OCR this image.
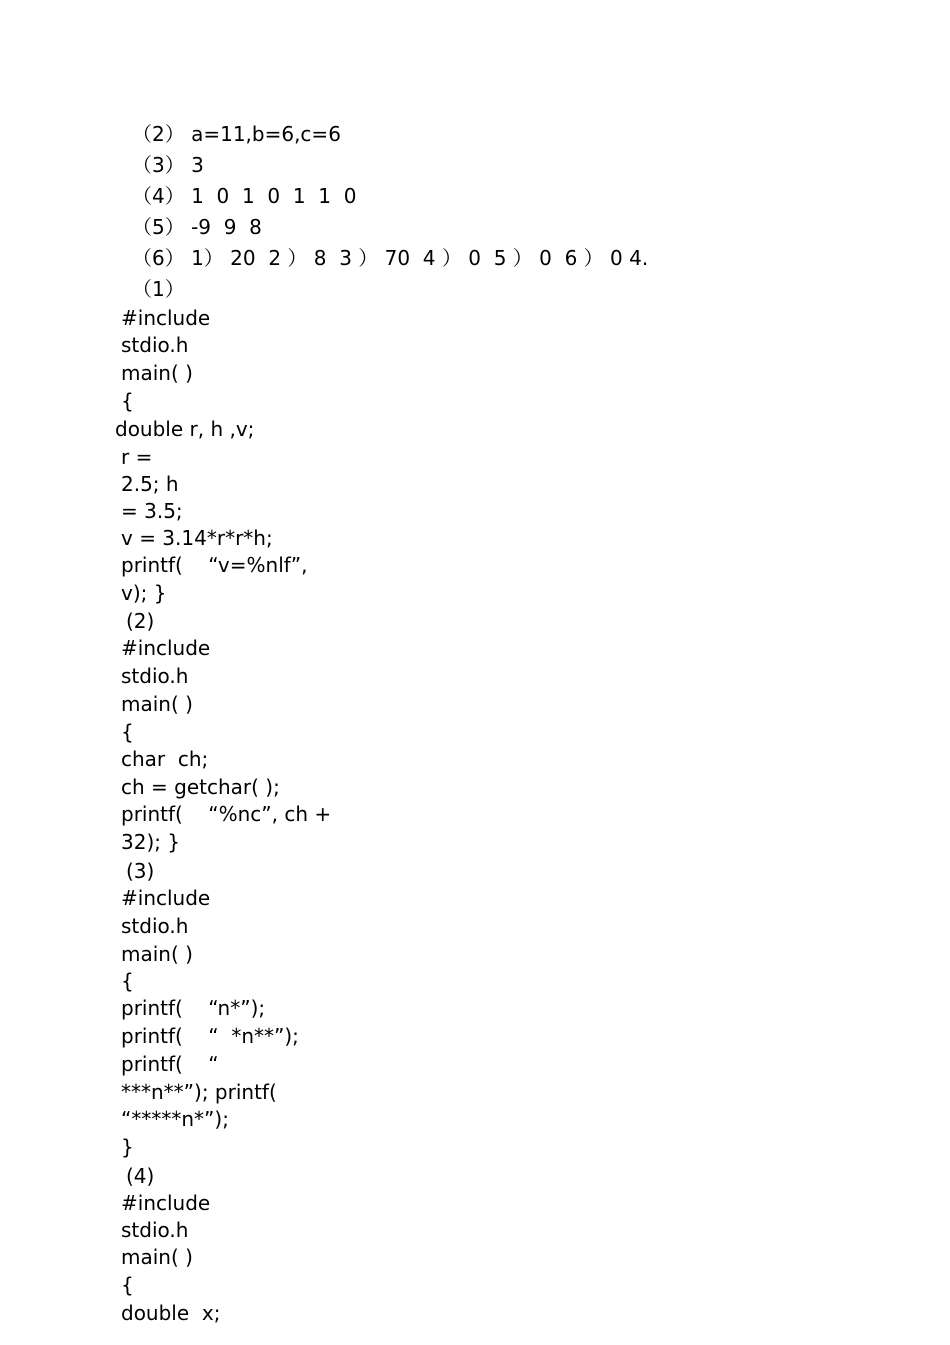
（2） a=11,b=6,c=6
（3） 3
（4） 1  0  1  0  1  1  0
（5） -9  9  8
（6） 1） 20  2 ） 8  3 ） 70  4 ） 0  5 ） 0  6 ） 0 4.
（1）
#include
stdio.h
main( )
{
double r, h ,v;
r =
2.5; h
= 3.5;
v = 3.14*r*r*h;
printf(    “v=%nlf”,
v); }
(2)
#include
stdio.h
main( )
{
char  ch;
ch = getchar( );
printf(    “%nc”, ch +
32); }
(3)
#include
stdio.h
main( )
{
printf(    “n*”);
printf(    “  *n**”);
printf(    “
***n**”); printf(
“*****n*”);
}
(4)
#include
stdio.h
main( )
{
double  x;
